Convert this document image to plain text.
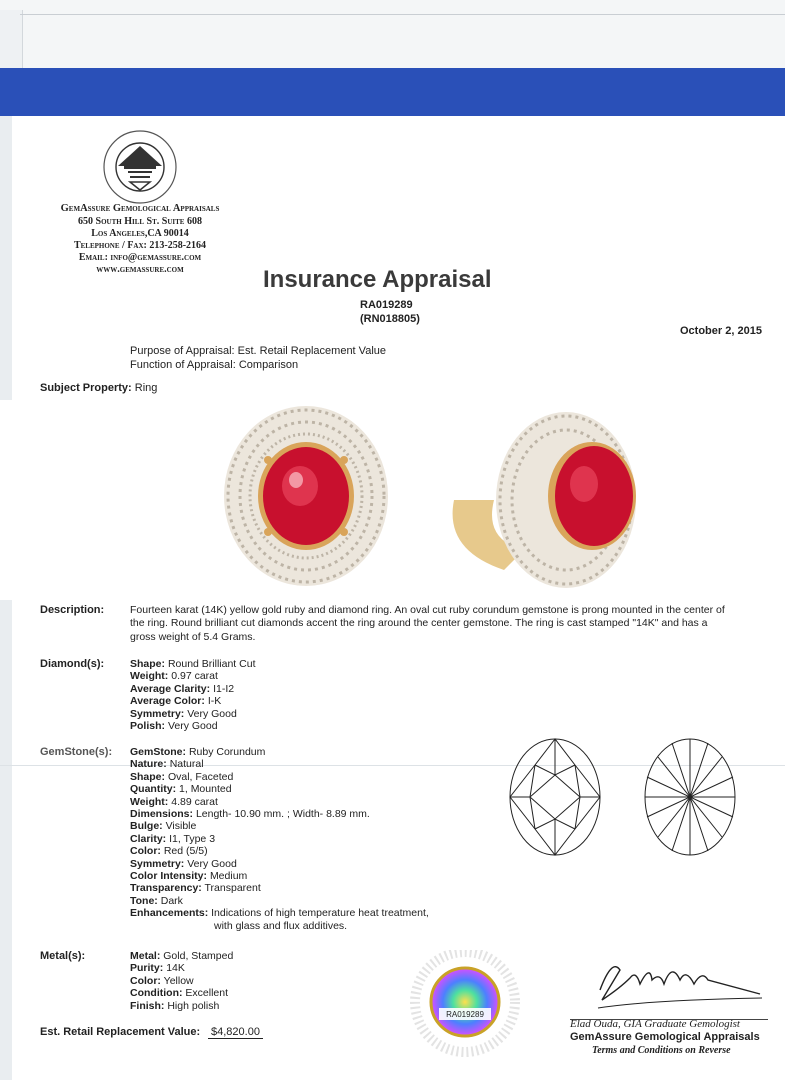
GemAssure Gemological Appraisals
650 South Hill St. Suite 608
Los Angeles,CA 90014
Telephone / Fax: 213-258-2164
Email: info@gemassure.com
www.gemassure.com	Insurance Appraisal
RA019289
(RN018805)
October 2, 2015
Purpose of Appraisal: Est. Retail Replacement Value
Function of Appraisal: Comparison
Subject Property: Ring
Description: Fourteen karat (14K) yellow gold ruby and diamond ring. An oval cut ruby corundum gemstone is prong mounted in the center of
the ring. Round brilliant cut diamonds accent the ring around the center gemstone. The ring is cast stamped "14K" and has a
gross weight of 5.4 Grams.
Diamond(s): Shape: Round Brilliant Cut
Weight: 0.97 carat
Average Clarity: I1-I2
Average Color: I-K
Symmetry: Very Good
Polish: Very Good
GemStone(s): GemStone: Ruby Corundum
Nature: Natural
Shape: Oval, Faceted
Quantity: 1, Mounted
Weight: 4.89 carat
Dimensions: Length- 10.90 mm. ; Width- 8.89 mm.
Bulge: Visible
Clarity: I1, Type 3
Color: Red (5/5)
Symmetry: Very Good
Color Intensity: Medium
Transparency: Transparent
Tone: Dark
Enhancements: Indications of high temperature heat treatment,
with glass and flux additives.
Metal(s):	Metal: Gold, Stamped
Purity: 14K
Color: Yellow
Condition: Excellent
Finish: High polish
Est. Retail Replacement Value: $4,820.00
RA019289
Elad Ouda, GIA Graduate Gemologist
GemAssure Gemological Appraisals
Terms and Conditions on Reverse
